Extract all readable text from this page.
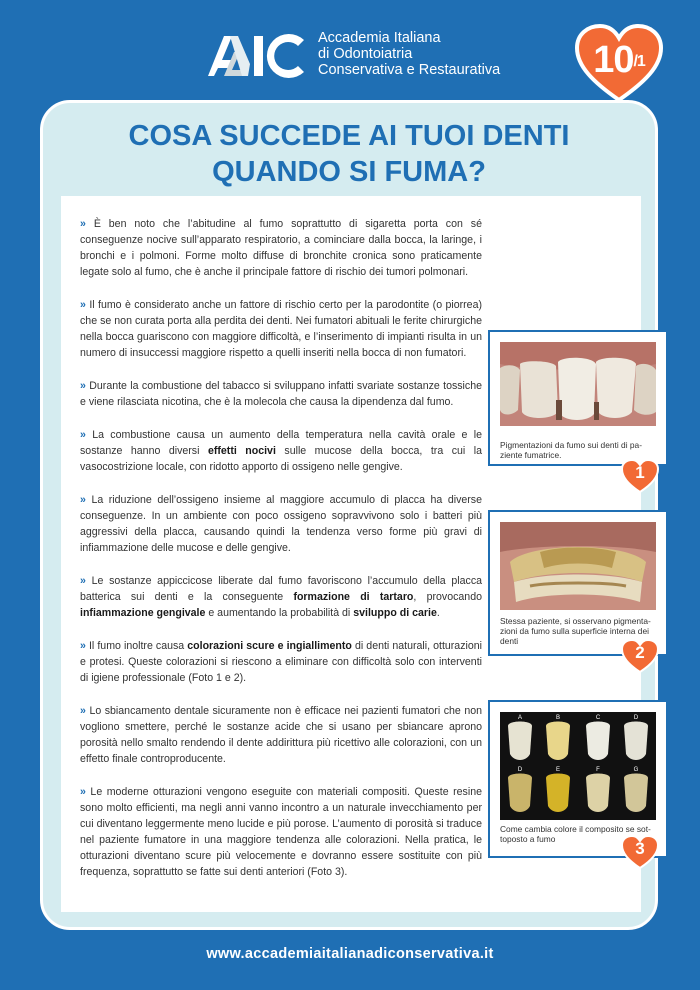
Accademia Italiana
di Odontoiatria
Conservativa e Restaurativa	$10^{/1}$
COSA SUCCEDE AI TUOI DENTI
QUANDO SI FUMA?

» È ben noto che l’abitudine al fumo soprattutto di sigaretta porta con sé conseguenze nocive sull’apparato respiratorio, a cominciare dalla bocca, la laringe, i bronchi e i polmoni. Forme molto diffuse di bronchite cronica sono praticamente legate solo al fumo, che è anche il principale fattore di rischio dei tumori polmonari.

» Il fumo è considerato anche un fattore di rischio certo per la parodontite (o piorrea) che se non curata porta alla perdita dei denti. Nei fumatori abituali le ferite chirurgiche nella bocca guariscono con maggiore difficoltà, e l’inserimento di impianti risulta in un numero di insuccessi maggiore rispetto a quelli inseriti nella bocca di non fumatori.

» Durante la combustione del tabacco si sviluppano infatti svariate sostanze tossiche e viene rilasciata nicotina, che è la molecola che causa la dipendenza dal fumo.

» La combustione causa un aumento della temperatura nella cavità orale e le sostanze hanno diversi effetti nocivi sulle mucose della bocca, tra cui la vasocostrizione locale, con ridotto apporto di ossigeno nelle gengive.

» La riduzione dell’ossigeno insieme al maggiore accumulo di placca ha diverse conseguenze. In un ambiente con poco ossigeno sopravvivono solo i batteri più aggressivi della placca, causando quindi la tendenza verso forme più gravi di infiammazione delle mucose e delle gengive.

» Le sostanze appiccicose liberate dal fumo favoriscono l’accumulo della placca batterica sui denti e la conseguente formazione di tartaro, provocando infiammazione gengivale e aumentando la probabilità di sviluppo di carie.

» Il fumo inoltre causa colorazioni scure e ingiallimento di denti naturali, otturazioni e protesi. Queste colorazioni si riescono a eliminare con difficoltà solo con interventi di igiene professionale (Foto 1 e 2).

» Lo sbiancamento dentale sicuramente non è efficace nei pazienti fumatori che non vogliono smettere, perché le sostanze acide che si usano per sbiancare aprono porosità nello smalto rendendo il dente addirittura più ricettivo alle colorazioni, con un effetto finale controproducente.

» Le moderne otturazioni vengono eseguite con materiali compositi. Queste resine sono molto efficienti, ma negli anni vanno incontro a un naturale invecchiamento per cui diventano leggermente meno lucide e più porose. L’aumento di porosità si traduce nel paziente fumatore in una maggiore tendenza alle colorazioni. Nella pratica, le otturazioni diventano scure più velocemente e dovranno essere sostituite con più frequenza, soprattutto se fatte sui denti anteriori (Foto 3).

Pigmentazioni da fumo sui denti di pa-
ziente fumatrice.
1
Stessa paziente, si osservano pigmenta-
zioni da fumo sulla superficie interna dei
denti
2
A	B	C	D
D	E	F	G
Come cambia colore il composito se sot-
toposto a fumo	3
www.accademiaitalianadiconservativa.it
